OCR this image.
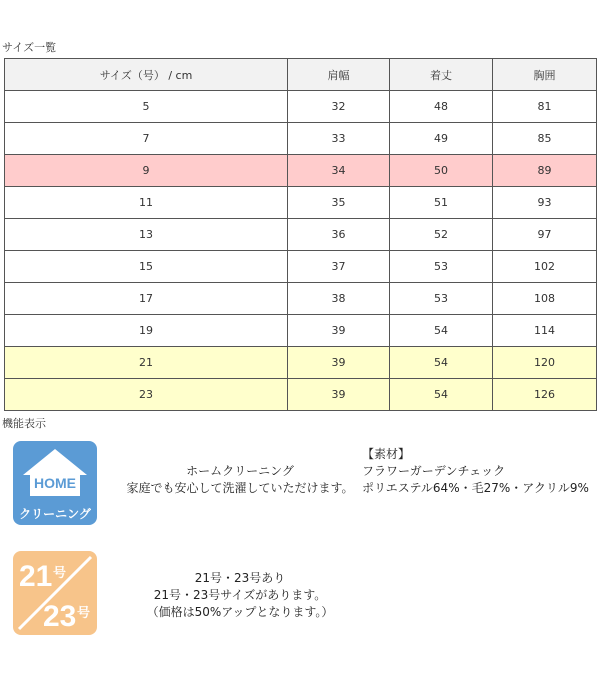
サイズ一覧
サイズ（号） / cm	肩幅	着丈	胸囲
5	32	48	81
7	33	49	85
9	34	50	89
11	35	51	93
13	36	52	97
15	37	53	102
17	38	53	108
19	39	54	114
21	39	54	120
23	39	54	126
機能表示
HOME
クリーニング
ホームクリーニング
家庭でも安心して洗濯していただけます。
【素材】
フラワーガーデンチェック
ポリエステル64%・毛27%・アクリル9%
21 号
23 号
21号・23号あり
21号・23号サイズがあります。
（価格は50%アップとなります。）
